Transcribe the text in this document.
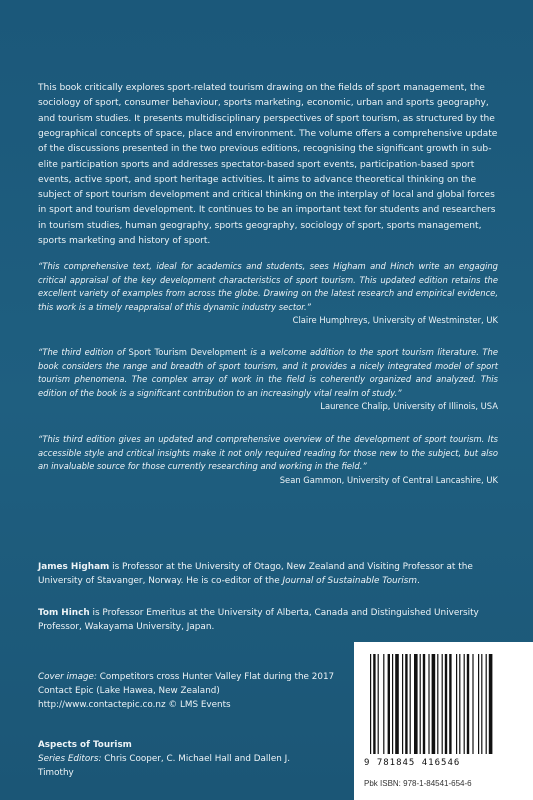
This book critically explores sport-related tourism drawing on the fields of sport management, the sociology of sport, consumer behaviour, sports marketing, economic, urban and sports geography, and tourism studies. It presents multidisciplinary perspectives of sport tourism, as structured by the geographical concepts of space, place and environment. The volume offers a comprehensive update of the discussions presented in the two previous editions, recognising the significant growth in sub-elite participation sports and addresses spectator-based sport events, participation-based sport events, active sport, and sport heritage activities. It aims to advance theoretical thinking on the subject of sport tourism development and critical thinking on the interplay of local and global forces in sport and tourism development. It continues to be an important text for students and researchers in tourism studies, human geography, sports geography, sociology of sport, sports management, sports marketing and history of sport.

“This comprehensive text, ideal for academics and students, sees Higham and Hinch write an engaging critical appraisal of the key development characteristics of sport tourism. This updated edition retains the excellent variety of examples from across the globe. Drawing on the latest research and empirical evidence, this work is a timely reappraisal of this dynamic industry sector.”
Claire Humphreys, University of Westminster, UK
“The third edition of Sport Tourism Development is a welcome addition to the sport tourism literature. The book considers the range and breadth of sport tourism, and it provides a nicely integrated model of sport tourism phenomena. The complex array of work in the field is coherently organized and analyzed. This edition of the book is a significant contribution to an increasingly vital realm of study.”
Laurence Chalip, University of Illinois, USA
“This third edition gives an updated and comprehensive overview of the development of sport tourism. Its accessible style and critical insights make it not only required reading for those new to the subject, but also an invaluable source for those currently researching and working in the field.”
Sean Gammon, University of Central Lancashire, UK
James Higham is Professor at the University of Otago, New Zealand and Visiting Professor at the University of Stavanger, Norway. He is co-editor of the Journal of Sustainable Tourism.
Tom Hinch is Professor Emeritus at the University of Alberta, Canada and Distinguished University Professor, Wakayama University, Japan.
Cover image: Competitors cross Hunter Valley Flat during the 2017 Contact Epic (Lake Hawea, New Zealand) http://www.contactepic.co.nz © LMS Events
Aspects of Tourism
Series Editors: Chris Cooper, C. Michael Hall and Dallen J. Timothy
9 781845 416546
Pbk ISBN: 978-1-84541-654-6
